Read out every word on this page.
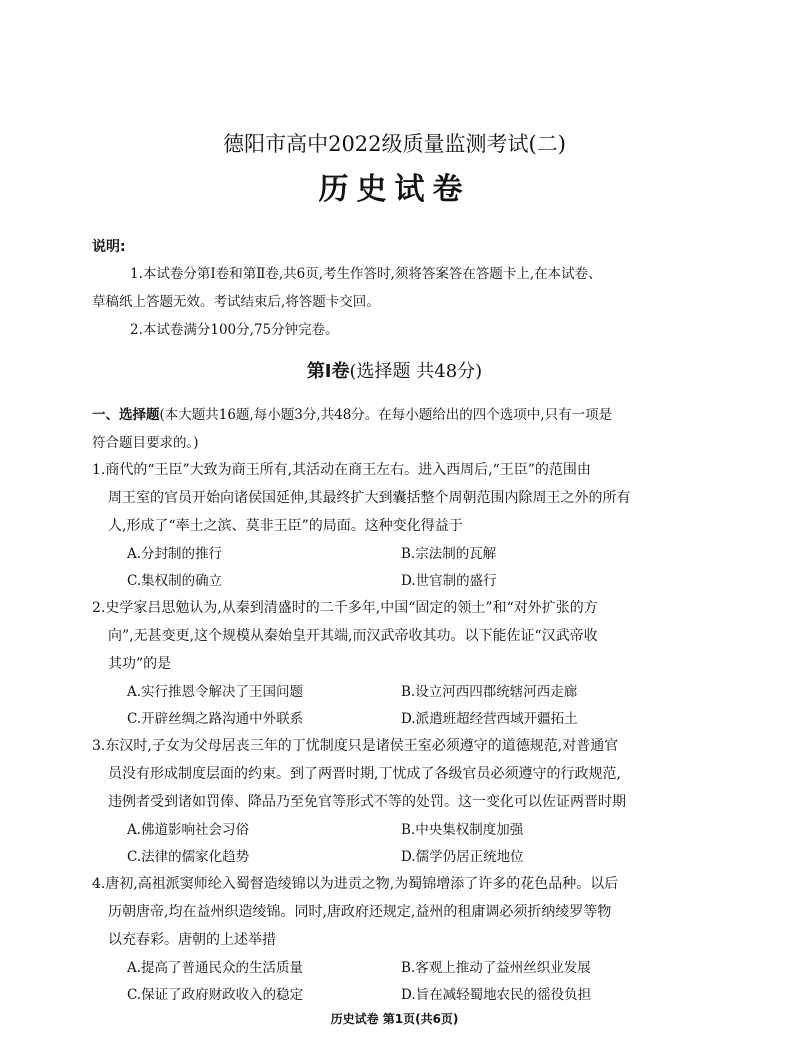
德阳市高中2022级质量监测考试(二)
历史试卷
说明:
1.本试卷分第Ⅰ卷和第Ⅱ卷,共6页,考生作答时,须将答案答在答题卡上,在本试卷、
草稿纸上答题无效。考试结束后,将答题卡交回。
2.本试卷满分100分,75分钟完卷。
第Ⅰ卷(选择题 共48分)
一、选择题(本大题共16题,每小题3分,共48分。在每小题给出的四个选项中,只有一项是
符合题目要求的。)
1.商代的“王臣”大致为商王所有,其活动在商王左右。进入西周后,“王臣”的范围由
周王室的官员开始向诸侯国延伸,其最终扩大到囊括整个周朝范围内除周王之外的所有
人,形成了“率土之滨、莫非王臣”的局面。这种变化得益于
A.分封制的推行	B.宗法制的瓦解
C.集权制的确立	D.世官制的盛行
2.史学家吕思勉认为,从秦到清盛时的二千多年,中国“固定的领土”和“对外扩张的方
向”,无甚变更,这个规模从秦始皇开其端,而汉武帝收其功。以下能佐证“汉武帝收
其功”的是
A.实行推恩令解决了王国问题	B.设立河西四郡统辖河西走廊
C.开辟丝绸之路沟通中外联系	D.派遣班超经营西域开疆拓土
3.东汉时,子女为父母居丧三年的丁忧制度只是诸侯王室必须遵守的道德规范,对普通官
员没有形成制度层面的约束。到了两晋时期,丁忧成了各级官员必须遵守的行政规范,
违例者受到诸如罚俸、降品乃至免官等形式不等的处罚。这一变化可以佐证两晋时期
A.佛道影响社会习俗	B.中央集权制度加强
C.法律的儒家化趋势	D.儒学仍居正统地位
4.唐初,高祖派窦师纶入蜀督造绫锦以为进贡之物,为蜀锦增添了许多的花色品种。以后
历朝唐帝,均在益州织造绫锦。同时,唐政府还规定,益州的租庸调必须折纳绫罗等物
以充春彩。唐朝的上述举措
A.提高了普通民众的生活质量	B.客观上推动了益州丝织业发展
C.保证了政府财政收入的稳定	D.旨在减轻蜀地农民的徭役负担
历史试卷 第1页(共6页)
